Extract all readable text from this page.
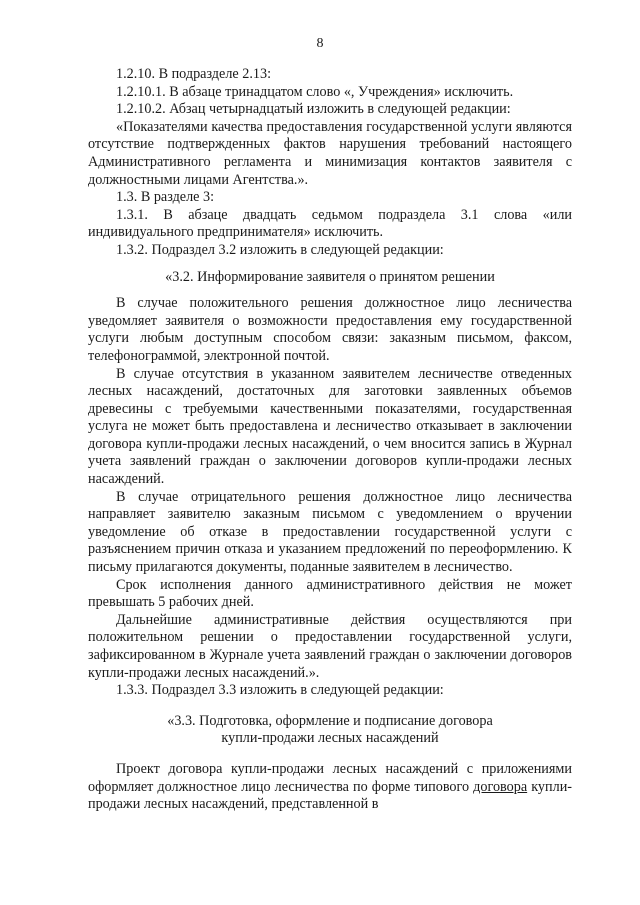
8

1.2.10. В подразделе 2.13:

1.2.10.1. В абзаце тринадцатом слово «, Учреждения» исключить.

1.2.10.2. Абзац четырнадцатый изложить в следующей редакции:

«Показателями качества предоставления государственной услуги являются отсутствие подтвержденных фактов нарушения требований настоящего Административного регламента и минимизация контактов заявителя с должностными лицами Агентства.».

1.3. В разделе 3:

1.3.1. В абзаце двадцать седьмом подраздела 3.1 слова «или индивидуального предпринимателя» исключить.

1.3.2. Подраздел 3.2 изложить в следующей редакции:

«3.2. Информирование заявителя о принятом решении

В случае положительного решения должностное лицо лесничества уведомляет заявителя о возможности предоставления ему государственной услуги любым доступным способом связи: заказным письмом, факсом, телефонограммой, электронной почтой.

В случае отсутствия в указанном заявителем лесничестве отведенных лесных насаждений, достаточных для заготовки заявленных объемов древесины с требуемыми качественными показателями, государственная услуга не может быть предоставлена и лесничество отказывает в заключении договора купли-продажи лесных насаждений, о чем вносится запись в Журнал учета заявлений граждан о заключении договоров купли-продажи лесных насаждений.

В случае отрицательного решения должностное лицо лесничества направляет заявителю заказным письмом с уведомлением о вручении уведомление об отказе в предоставлении государственной услуги с разъяснением причин отказа и указанием предложений по переоформлению. К письму прилагаются документы, поданные заявителем в лесничество.

Срок исполнения данного административного действия не может превышать 5 рабочих дней.

Дальнейшие административные действия осуществляются при положительном решении о предоставлении государственной услуги, зафиксированном в Журнале учета заявлений граждан о заключении договоров купли-продажи лесных насаждений.».

1.3.3. Подраздел 3.3 изложить в следующей редакции:

«3.3. Подготовка, оформление и подписание договора

купли-продажи лесных насаждений

Проект договора купли-продажи лесных насаждений с приложениями оформляет должностное лицо лесничества по форме типового договора купли-продажи лесных насаждений, представленной в
